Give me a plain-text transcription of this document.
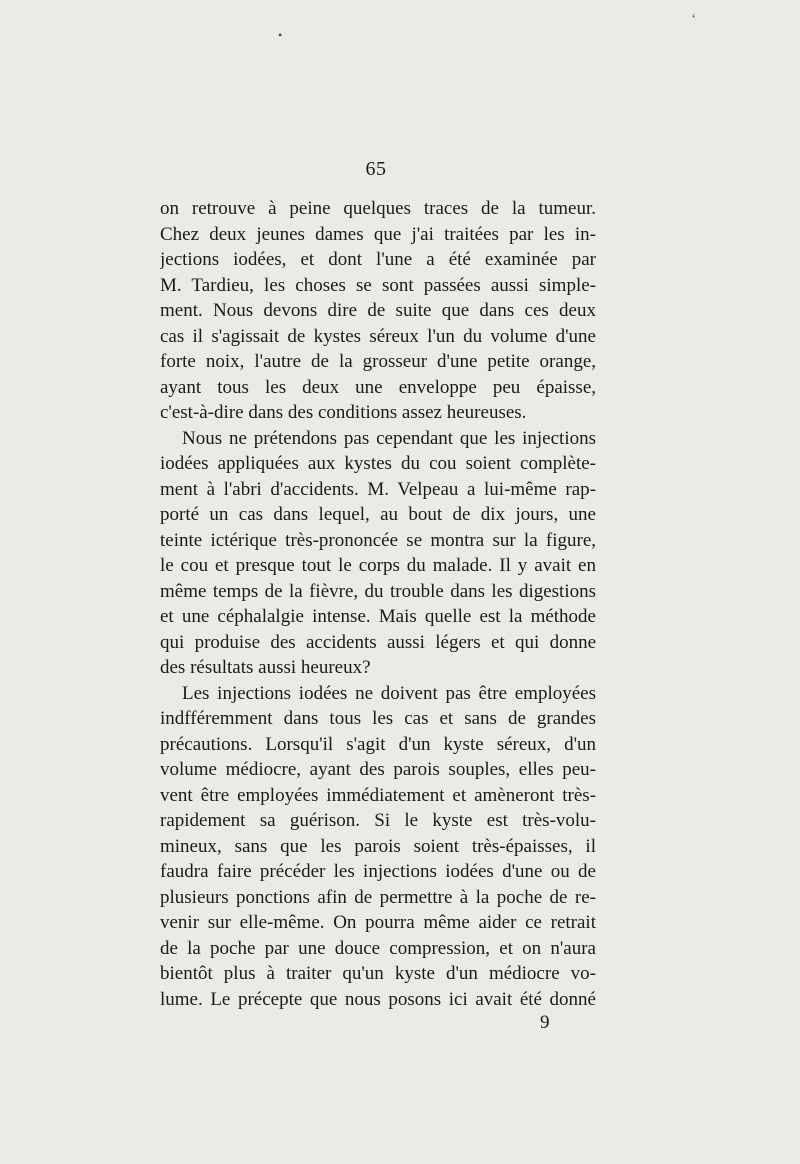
•
ʻ
65
on retrouve à peine quelques traces de la tumeur.
Chez deux jeunes dames que j'ai traitées par les in-
jections iodées, et dont l'une a été examinée par
M. Tardieu, les choses se sont passées aussi simple-
ment. Nous devons dire de suite que dans ces deux
cas il s'agissait de kystes séreux l'un du volume d'une
forte noix, l'autre de la grosseur d'une petite orange,
ayant tous les deux une enveloppe peu épaisse,
c'est-à-dire dans des conditions assez heureuses.
Nous ne prétendons pas cependant que les injections
iodées appliquées aux kystes du cou soient complète-
ment à l'abri d'accidents. M. Velpeau a lui-même rap-
porté un cas dans lequel, au bout de dix jours, une
teinte ictérique très-prononcée se montra sur la figure,
le cou et presque tout le corps du malade. Il y avait en
même temps de la fièvre, du trouble dans les digestions
et une céphalalgie intense. Mais quelle est la méthode
qui produise des accidents aussi légers et qui donne
des résultats aussi heureux?
Les injections iodées ne doivent pas être employées
indfféremment dans tous les cas et sans de grandes
précautions. Lorsqu'il s'agit d'un kyste séreux, d'un
volume médiocre, ayant des parois souples, elles peu-
vent être employées immédiatement et amèneront très-
rapidement sa guérison. Si le kyste est très-volu-
mineux, sans que les parois soient très-épaisses, il
faudra faire précéder les injections iodées d'une ou de
plusieurs ponctions afin de permettre à la poche de re-
venir sur elle-même. On pourra même aider ce retrait
de la poche par une douce compression, et on n'aura
bientôt plus à traiter qu'un kyste d'un médiocre vo-
lume. Le précepte que nous posons ici avait été donné
9
